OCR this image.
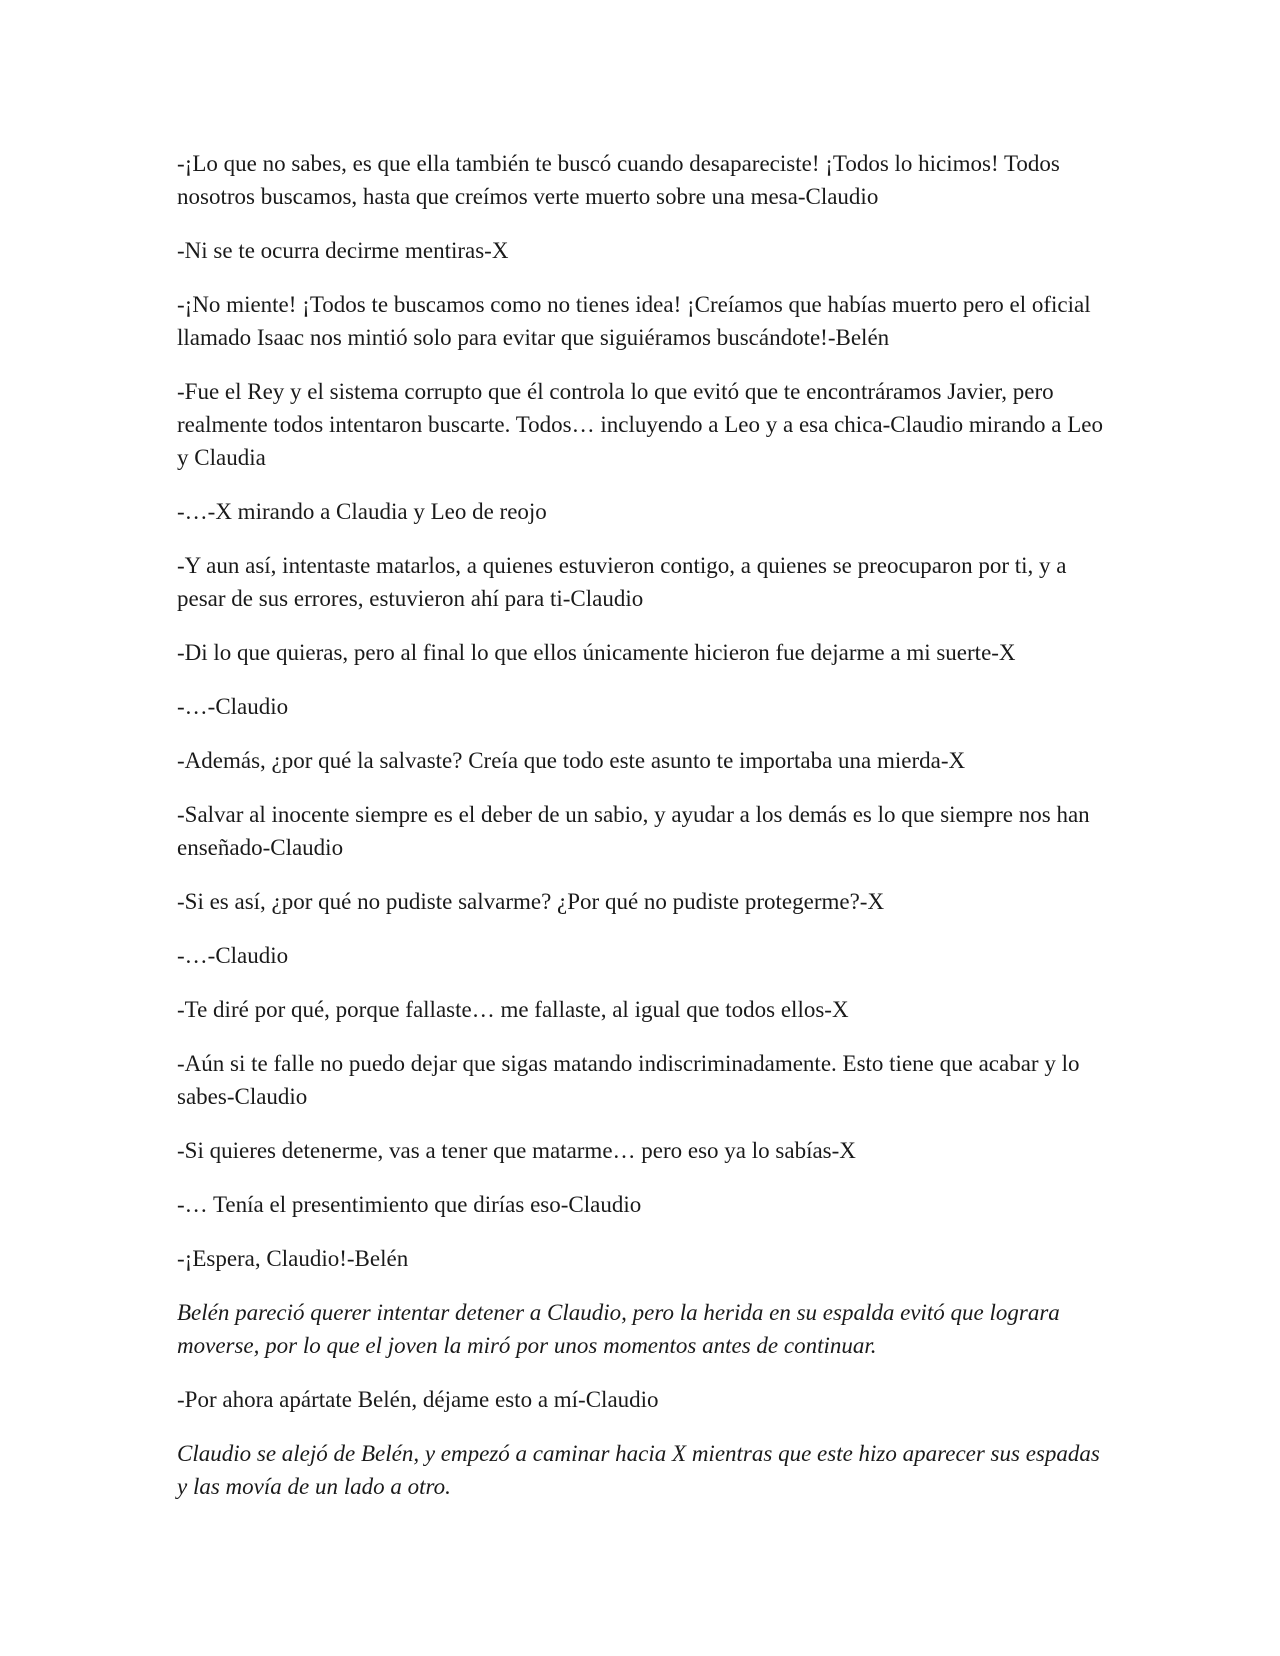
-¡Lo que no sabes, es que ella también te buscó cuando desapareciste! ¡Todos lo hicimos! Todos nosotros buscamos, hasta que creímos verte muerto sobre una mesa-Claudio

-Ni se te ocurra decirme mentiras-X

-¡No miente! ¡Todos te buscamos como no tienes idea! ¡Creíamos que habías muerto pero el oficial llamado Isaac nos mintió solo para evitar que siguiéramos buscándote!-Belén

-Fue el Rey y el sistema corrupto que él controla lo que evitó que te encontráramos Javier, pero realmente todos intentaron buscarte. Todos… incluyendo a Leo y a esa chica-Claudio mirando a Leo y Claudia

-…-X mirando a Claudia y Leo de reojo

-Y aun así, intentaste matarlos, a quienes estuvieron contigo, a quienes se preocuparon por ti, y a pesar de sus errores, estuvieron ahí para ti-Claudio

-Di lo que quieras, pero al final lo que ellos únicamente hicieron fue dejarme a mi suerte-X

-…-Claudio

-Además, ¿por qué la salvaste? Creía que todo este asunto te importaba una mierda-X

-Salvar al inocente siempre es el deber de un sabio, y ayudar a los demás es lo que siempre nos han enseñado-Claudio

-Si es así, ¿por qué no pudiste salvarme? ¿Por qué no pudiste protegerme?-X

-…-Claudio

-Te diré por qué, porque fallaste… me fallaste, al igual que todos ellos-X

-Aún si te falle no puedo dejar que sigas matando indiscriminadamente. Esto tiene que acabar y lo sabes-Claudio

-Si quieres detenerme, vas a tener que matarme… pero eso ya lo sabías-X

-… Tenía el presentimiento que dirías eso-Claudio

-¡Espera, Claudio!-Belén

Belén pareció querer intentar detener a Claudio, pero la herida en su espalda evitó que lograra moverse, por lo que el joven la miró por unos momentos antes de continuar.

-Por ahora apártate Belén, déjame esto a mí-Claudio

Claudio se alejó de Belén, y empezó a caminar hacia X mientras que este hizo aparecer sus espadas y las movía de un lado a otro.
